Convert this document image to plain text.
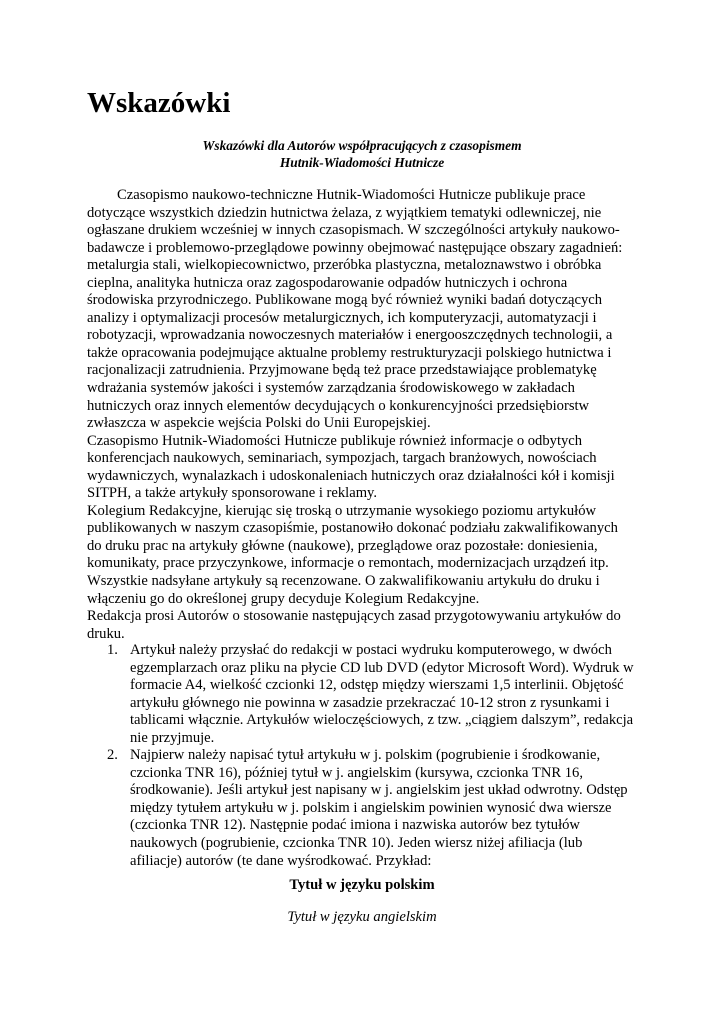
Wskazówki
Wskazówki dla Autorów współpracujących z czasopismem
Hutnik-Wiadomości Hutnicze
Czasopismo naukowo-techniczne Hutnik-Wiadomości Hutnicze publikuje prace
dotyczące wszystkich dziedzin hutnictwa żelaza, z wyjątkiem tematyki odlewniczej, nie
ogłaszane drukiem wcześniej w innych czasopismach. W szczególności artykuły naukowo-
badawcze i problemowo-przeglądowe powinny obejmować następujące obszary zagadnień:
metalurgia stali, wielkopiecownictwo, przeróbka plastyczna, metaloznawstwo i obróbka
cieplna, analityka hutnicza oraz zagospodarowanie odpadów hutniczych i ochrona
środowiska przyrodniczego. Publikowane mogą być również wyniki badań dotyczących
analizy i optymalizacji procesów metalurgicznych, ich komputeryzacji, automatyzacji i
robotyzacji, wprowadzania nowoczesnych materiałów i energooszczędnych technologii, a
także opracowania podejmujące aktualne problemy restrukturyzacji polskiego hutnictwa i
racjonalizacji zatrudnienia. Przyjmowane będą też prace przedstawiające problematykę
wdrażania systemów jakości i systemów zarządzania środowiskowego w zakładach
hutniczych oraz innych elementów decydujących o konkurencyjności przedsiębiorstw
zwłaszcza w aspekcie wejścia Polski do Unii Europejskiej.
Czasopismo Hutnik-Wiadomości Hutnicze publikuje również informacje o odbytych
konferencjach naukowych, seminariach, sympozjach, targach branżowych, nowościach
wydawniczych, wynalazkach i udoskonaleniach hutniczych oraz działalności kół i komisji
SITPH, a także artykuły sponsorowane i reklamy.
Kolegium Redakcyjne, kierując się troską o utrzymanie wysokiego poziomu artykułów
publikowanych w naszym czasopiśmie, postanowiło dokonać podziału zakwalifikowanych
do druku prac na artykuły główne (naukowe), przeglądowe oraz pozostałe: doniesienia,
komunikaty, prace przyczynkowe, informacje o remontach, modernizacjach urządzeń itp.
Wszystkie nadsyłane artykuły są recenzowane. O zakwalifikowaniu artykułu do druku i
włączeniu go do określonej grupy decyduje Kolegium Redakcyjne.
Redakcja prosi Autorów o stosowanie następujących zasad przygotowywaniu artykułów do
druku.
1. Artykuł należy przysłać do redakcji w postaci wydruku komputerowego, w dwóch
egzemplarzach oraz pliku na płycie CD lub DVD (edytor Microsoft Word). Wydruk w
formacie A4, wielkość czcionki 12, odstęp między wierszami 1,5 interlinii. Objętość
artykułu głównego nie powinna w zasadzie przekraczać 10-12 stron z rysunkami i
tablicami włącznie. Artykułów wieloczęściowych, z tzw. „ciągiem dalszym”, redakcja
nie przyjmuje.
2. Najpierw należy napisać tytuł artykułu w j. polskim (pogrubienie i środkowanie,
czcionka TNR 16), później tytuł w j. angielskim (kursywa, czcionka TNR 16,
środkowanie). Jeśli artykuł jest napisany w j. angielskim jest układ odwrotny. Odstęp
między tytułem artykułu w j. polskim i angielskim powinien wynosić dwa wiersze
(czcionka TNR 12). Następnie podać imiona i nazwiska autorów bez tytułów
naukowych (pogrubienie, czcionka TNR 10). Jeden wiersz niżej afiliacja (lub
afiliacje) autorów (te dane wyśrodkować. Przykład:
Tytuł w języku polskim
Tytuł w języku angielskim
